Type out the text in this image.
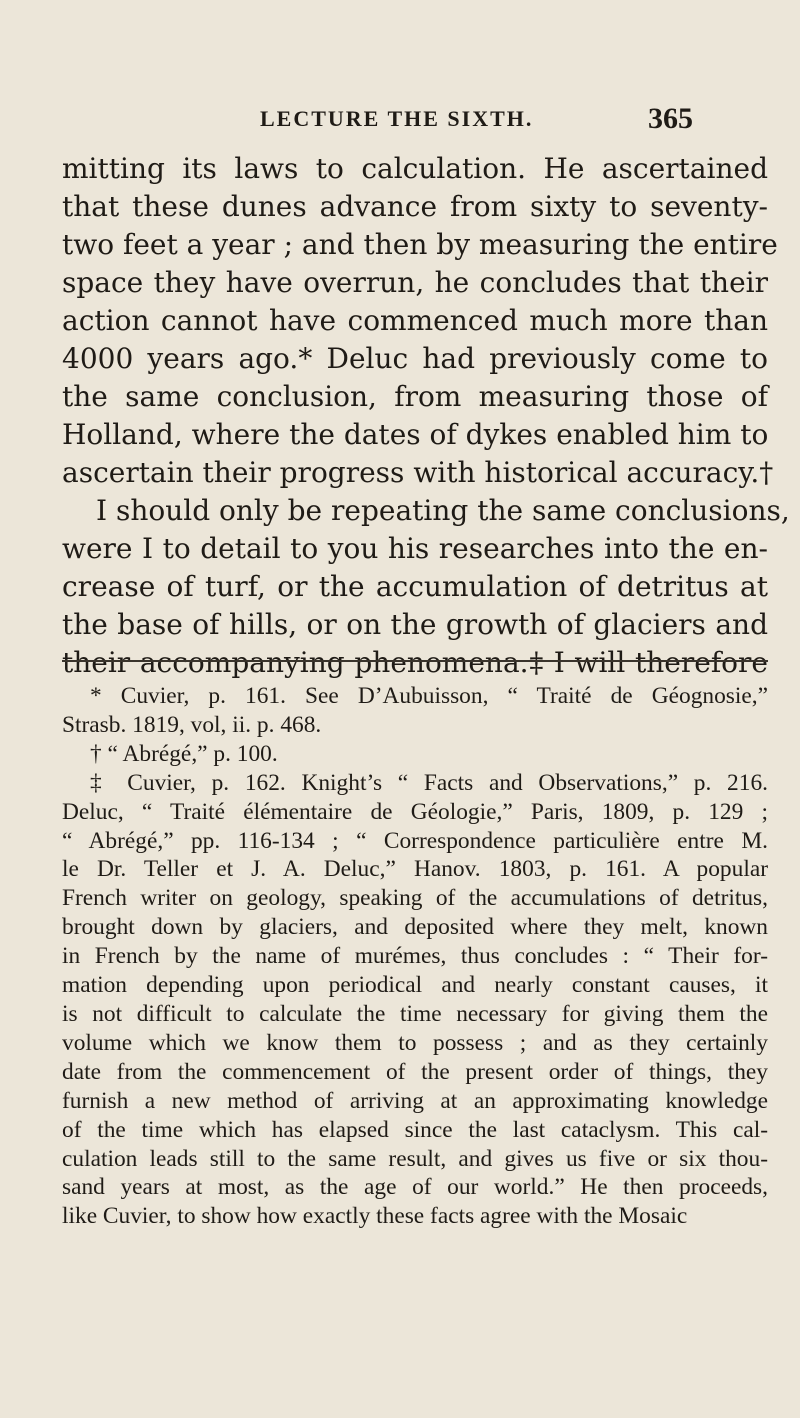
LECTURE THE SIXTH.	365
mitting its laws to calculation. He ascertained
that these dunes advance from sixty to seventy-
two feet a year ; and then by measuring the entire
space they have overrun, he concludes that their
action cannot have commenced much more than
4000 years ago.* Deluc had previously come to
the same conclusion, from measuring those of
Holland, where the dates of dykes enabled him to
ascertain their progress with historical accuracy.†
I should only be repeating the same conclusions,
were I to detail to you his researches into the en-
crease of turf, or the accumulation of detritus at
the base of hills, or on the growth of glaciers and
their accompanying phenomena.‡ I will therefore
* Cuvier, p. 161. See D’Aubuisson, “ Traité de Géognosie,”
Strasb. 1819, vol, ii. p. 468.
† “ Abrégé,” p. 100.
‡ Cuvier, p. 162. Knight’s “ Facts and Observations,” p. 216.
Deluc, “ Traité élémentaire de Géologie,” Paris, 1809, p. 129 ;
“ Abrégé,” pp. 116-134 ; “ Correspondence particulière entre M.
le Dr. Teller et J. A. Deluc,” Hanov. 1803, p. 161. A popular
French writer on geology, speaking of the accumulations of detritus,
brought down by glaciers, and deposited where they melt, known
in French by the name of murémes, thus concludes : “ Their for-
mation depending upon periodical and nearly constant causes, it
is not difficult to calculate the time necessary for giving them the
volume which we know them to possess ; and as they certainly
date from the commencement of the present order of things, they
furnish a new method of arriving at an approximating knowledge
of the time which has elapsed since the last cataclysm. This cal-
culation leads still to the same result, and gives us five or six thou-
sand years at most, as the age of our world.” He then proceeds,
like Cuvier, to show how exactly these facts agree with the Mosaic
